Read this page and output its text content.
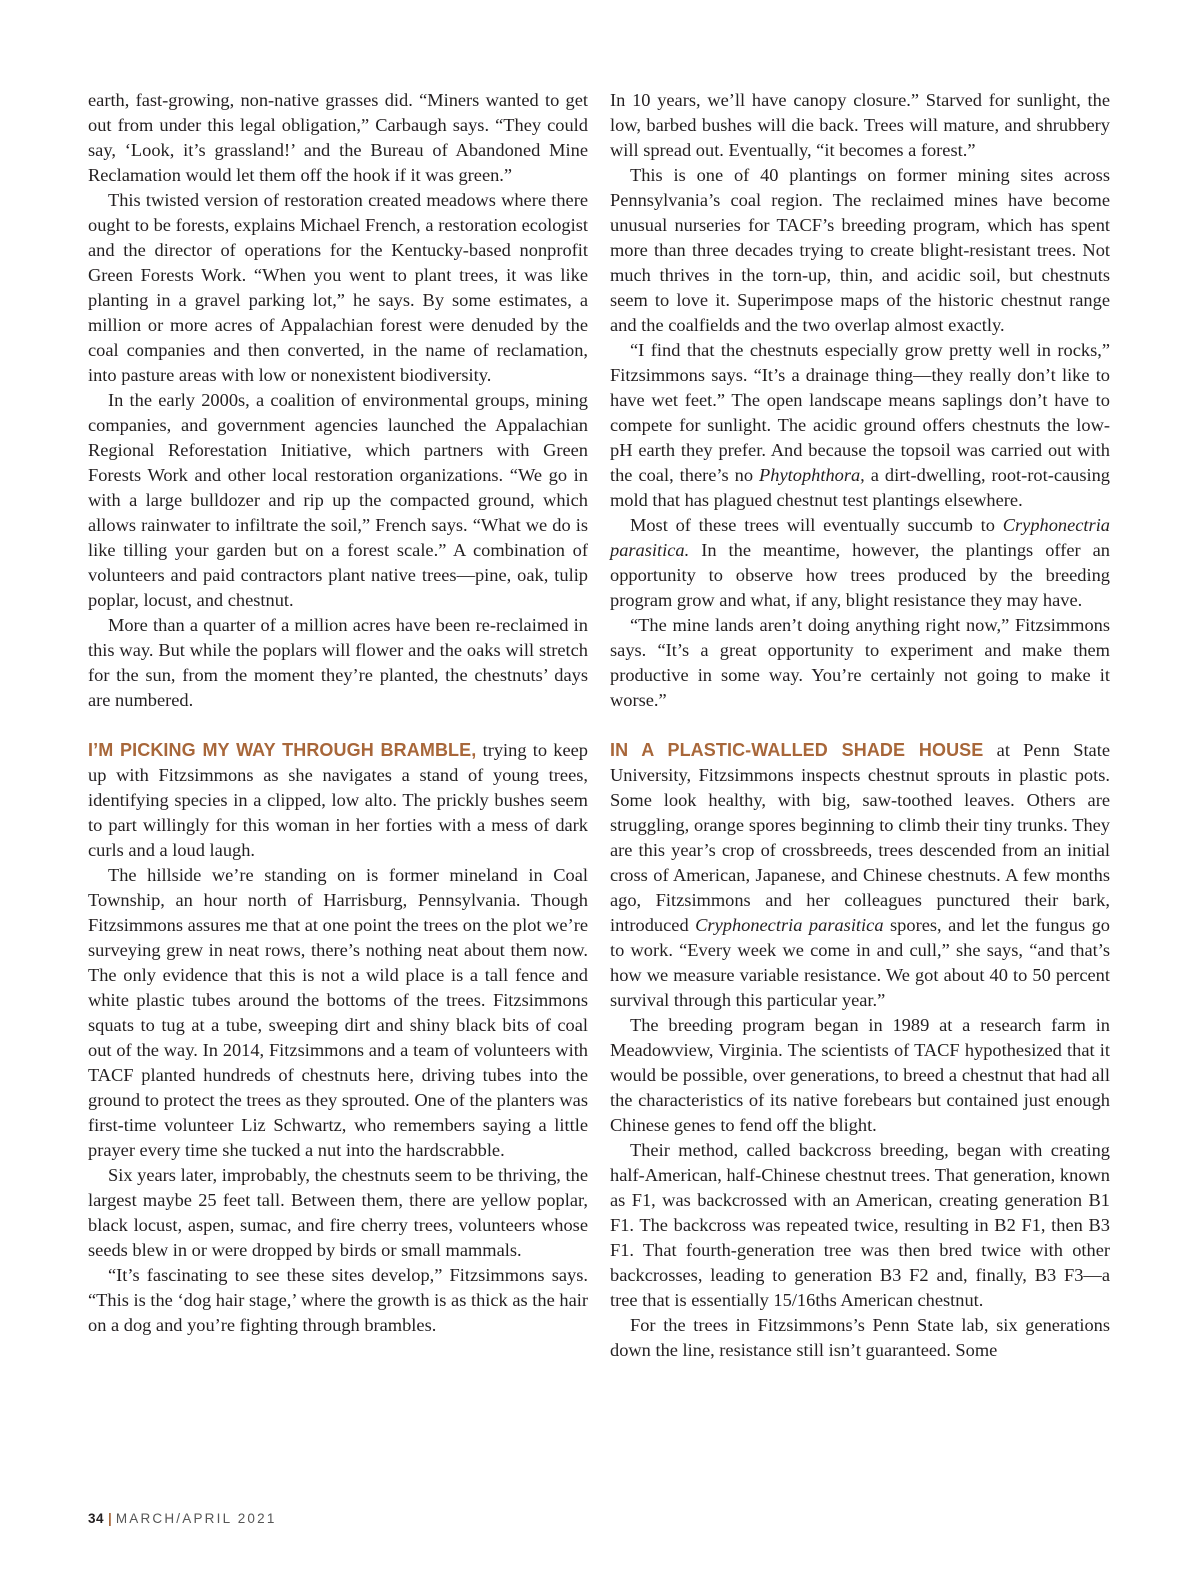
earth, fast-growing, non-native grasses did. “Miners wanted to get out from under this legal obligation,” Carbaugh says. “They could say, ‘Look, it’s grassland!’ and the Bureau of Abandoned Mine Reclamation would let them off the hook if it was green.”

This twisted version of restoration created meadows where there ought to be forests, explains Michael French, a restoration ecologist and the director of operations for the Kentucky-based nonprofit Green Forests Work. “When you went to plant trees, it was like planting in a gravel parking lot,” he says. By some estimates, a million or more acres of Appalachian forest were denuded by the coal companies and then converted, in the name of reclamation, into pasture areas with low or nonexistent biodiversity.

In the early 2000s, a coalition of environmental groups, mining companies, and government agencies launched the Appalachian Regional Reforestation Initiative, which partners with Green Forests Work and other local restoration organizations. “We go in with a large bulldozer and rip up the compacted ground, which allows rainwater to infiltrate the soil,” French says. “What we do is like tilling your garden but on a forest scale.” A combination of volunteers and paid contractors plant native trees—pine, oak, tulip poplar, locust, and chestnut.

More than a quarter of a million acres have been re-reclaimed in this way. But while the poplars will flower and the oaks will stretch for the sun, from the moment they’re planted, the chestnuts’ days are numbered.

I’M PICKING MY WAY THROUGH BRAMBLE, trying to keep up with Fitzsimmons as she navigates a stand of young trees, identifying species in a clipped, low alto. The prickly bushes seem to part willingly for this woman in her forties with a mess of dark curls and a loud laugh.

The hillside we’re standing on is former mineland in Coal Township, an hour north of Harrisburg, Pennsylvania. Though Fitzsimmons assures me that at one point the trees on the plot we’re surveying grew in neat rows, there’s nothing neat about them now. The only evidence that this is not a wild place is a tall fence and white plastic tubes around the bottoms of the trees. Fitzsimmons squats to tug at a tube, sweeping dirt and shiny black bits of coal out of the way. In 2014, Fitzsimmons and a team of volunteers with TACF planted hundreds of chestnuts here, driving tubes into the ground to protect the trees as they sprouted. One of the planters was first-time volunteer Liz Schwartz, who remembers saying a little prayer every time she tucked a nut into the hardscrabble.

Six years later, improbably, the chestnuts seem to be thriving, the largest maybe 25 feet tall. Between them, there are yellow poplar, black locust, aspen, sumac, and fire cherry trees, volunteers whose seeds blew in or were dropped by birds or small mammals.

“It’s fascinating to see these sites develop,” Fitzsimmons says. “This is the ‘dog hair stage,’ where the growth is as thick as the hair on a dog and you’re fighting through brambles.

In 10 years, we’ll have canopy closure.” Starved for sunlight, the low, barbed bushes will die back. Trees will mature, and shrubbery will spread out. Eventually, “it becomes a forest.”

This is one of 40 plantings on former mining sites across Pennsylvania’s coal region. The reclaimed mines have become unusual nurseries for TACF’s breeding program, which has spent more than three decades trying to create blight-resistant trees. Not much thrives in the torn-up, thin, and acidic soil, but chestnuts seem to love it. Superimpose maps of the historic chestnut range and the coalfields and the two overlap almost exactly.

“I find that the chestnuts especially grow pretty well in rocks,” Fitzsimmons says. “It’s a drainage thing—they really don’t like to have wet feet.” The open landscape means saplings don’t have to compete for sunlight. The acidic ground offers chestnuts the low-pH earth they prefer. And because the topsoil was carried out with the coal, there’s no Phytophthora, a dirt-dwelling, root-rot-causing mold that has plagued chestnut test plantings elsewhere.

Most of these trees will eventually succumb to Cryphonectria parasitica. In the meantime, however, the plantings offer an opportunity to observe how trees produced by the breeding program grow and what, if any, blight resistance they may have.

“The mine lands aren’t doing anything right now,” Fitzsimmons says. “It’s a great opportunity to experiment and make them productive in some way. You’re certainly not going to make it worse.”

IN A PLASTIC-WALLED SHADE HOUSE at Penn State University, Fitzsimmons inspects chestnut sprouts in plastic pots. Some look healthy, with big, saw-toothed leaves. Others are struggling, orange spores beginning to climb their tiny trunks. They are this year’s crop of crossbreeds, trees descended from an initial cross of American, Japanese, and Chinese chestnuts. A few months ago, Fitzsimmons and her colleagues punctured their bark, introduced Cryphonectria parasitica spores, and let the fungus go to work. “Every week we come in and cull,” she says, “and that’s how we measure variable resistance. We got about 40 to 50 percent survival through this particular year.”

The breeding program began in 1989 at a research farm in Meadowview, Virginia. The scientists of TACF hypothesized that it would be possible, over generations, to breed a chestnut that had all the characteristics of its native forebears but contained just enough Chinese genes to fend off the blight.

Their method, called backcross breeding, began with creating half-American, half-Chinese chestnut trees. That generation, known as F1, was backcrossed with an American, creating generation B1 F1. The backcross was repeated twice, resulting in B2 F1, then B3 F1. That fourth-generation tree was then bred twice with other backcrosses, leading to generation B3 F2 and, finally, B3 F3—a tree that is essentially 15/16ths American chestnut.

For the trees in Fitzsimmons’s Penn State lab, six generations down the line, resistance still isn’t guaranteed. Some

34 | MARCH/APRIL 2021
